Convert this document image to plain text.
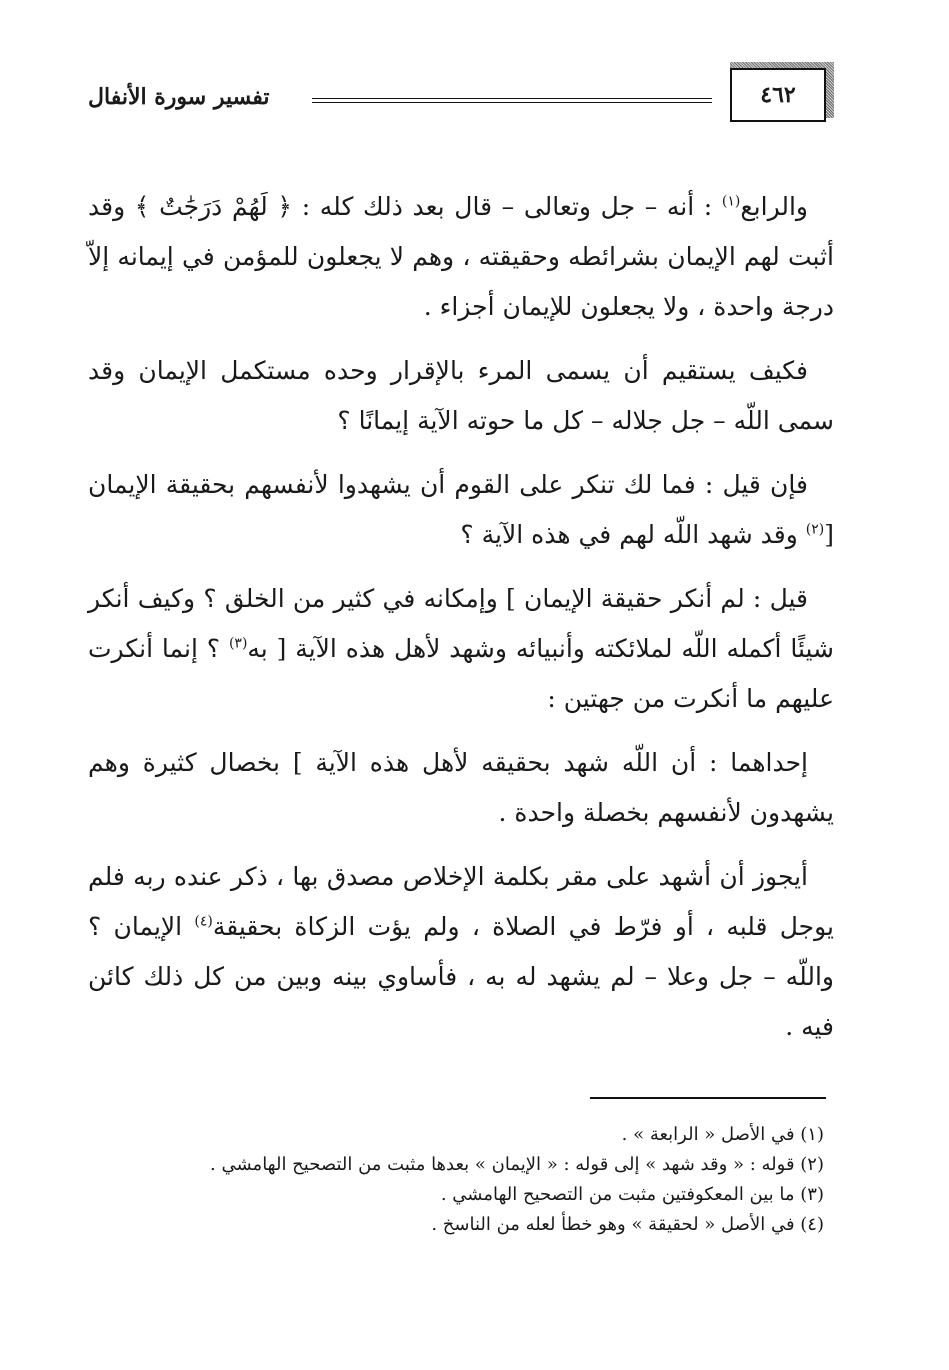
٤٦٢
تفسير سورة الأنفال

والرابع$^{(١)}$ : أنه – جل وتعالى – قال بعد ذلك كله : ﴿ لَهُمْ دَرَجَٰتٌ ﴾ وقد أثبت لهم الإيمان بشرائطه وحقيقته ، وهم لا يجعلون للمؤمن في إيمانه إلاّ درجة واحدة ، ولا يجعلون للإيمان أجزاء .

فكيف يستقيم أن يسمى المرء بالإقرار وحده مستكمل الإيمان وقد سمى اللّه – جل جلاله – كل ما حوته الآية إيمانًا ؟

فإن قيل : فما لك تنكر على القوم أن يشهدوا لأنفسهم بحقيقة الإيمان [$^{(٢)}$ وقد شهد اللّه لهم في هذه الآية ؟

قيل : لم أنكر حقيقة الإيمان ] وإمكانه في كثير من الخلق ؟ وكيف أنكر شيئًا أكمله اللّه لملائكته وأنبيائه وشهد لأهل هذه الآية [ به$^{(٣)}$ ؟ إنما أنكرت عليهم ما أنكرت من جهتين :

إحداهما : أن اللّه شهد بحقيقه لأهل هذه الآية ] بخصال كثيرة وهم يشهدون لأنفسهم بخصلة واحدة .

أيجوز أن أشهد على مقر بكلمة الإخلاص مصدق بها ، ذكر عنده ربه فلم يوجل قلبه ، أو فرّط في الصلاة ، ولم يؤت الزكاة بحقيقة$^{(٤)}$ الإيمان ؟ واللّه – جل وعلا – لم يشهد له به ، فأساوي بينه وبين من كل ذلك كائن فيه .

(١) في الأصل « الرابعة » .
(٢) قوله : « وقد شهد » إلى قوله : « الإيمان » بعدها مثبت من التصحيح الهامشي .
(٣) ما بين المعكوفتين مثبت من التصحيح الهامشي .
(٤) في الأصل « لحقيقة » وهو خطأ لعله من الناسخ .
